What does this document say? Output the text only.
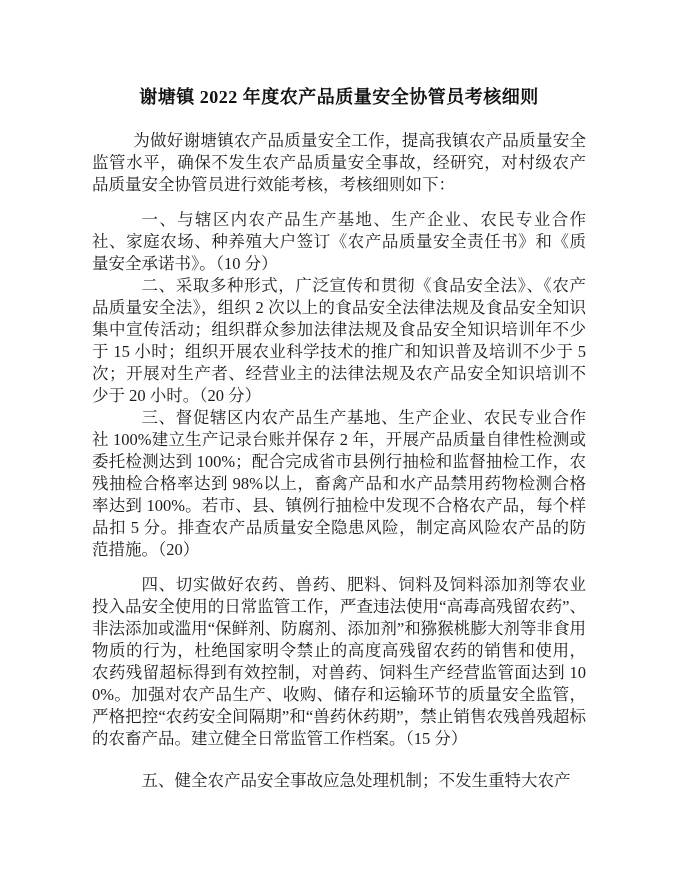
谢塘镇 2022 年度农产品质量安全协管员考核细则

为做好谢塘镇农产品质量安全工作，提高我镇农产品质量安全监管水平，确保不发生农产品质量安全事故，经研究，对村级农产品质量安全协管员进行效能考核，考核细则如下：

一、与辖区内农产品生产基地、生产企业、农民专业合作社、家庭农场、种养殖大户签订《农产品质量安全责任书》和《质量安全承诺书》。（10 分）

二、采取多种形式，广泛宣传和贯彻《食品安全法》、《农产品质量安全法》，组织 2 次以上的食品安全法律法规及食品安全知识集中宣传活动；组织群众参加法律法规及食品安全知识培训年不少于 15 小时；组织开展农业科学技术的推广和知识普及培训不少于 5 次；开展对生产者、经营业主的法律法规及农产品安全知识培训不少于 20 小时。（20 分）

三、督促辖区内农产品生产基地、生产企业、农民专业合作社 100%建立生产记录台账并保存 2 年，开展产品质量自律性检测或委托检测达到 100%；配合完成省市县例行抽检和监督抽检工作，农残抽检合格率达到 98%以上，畜禽产品和水产品禁用药物检测合格率达到 100%。若市、县、镇例行抽检中发现不合格农产品，每个样品扣 5 分。排查农产品质量安全隐患风险，制定高风险农产品的防范措施。（20）

四、切实做好农药、兽药、肥料、饲料及饲料添加剂等农业投入品安全使用的日常监管工作，严查违法使用“高毒高残留农药”、非法添加或滥用“保鲜剂、防腐剂、添加剂”和猕猴桃膨大剂等非食用物质的行为，杜绝国家明令禁止的高度高残留农药的销售和使用，农药残留超标得到有效控制，对兽药、饲料生产经营监管面达到 100%。加强对农产品生产、收购、储存和运输环节的质量安全监管，严格把控“农药安全间隔期”和“兽药休药期”，禁止销售农残兽残超标的农畜产品。建立健全日常监管工作档案。（15 分）

五、健全农产品安全事故应急处理机制；不发生重特大农产
